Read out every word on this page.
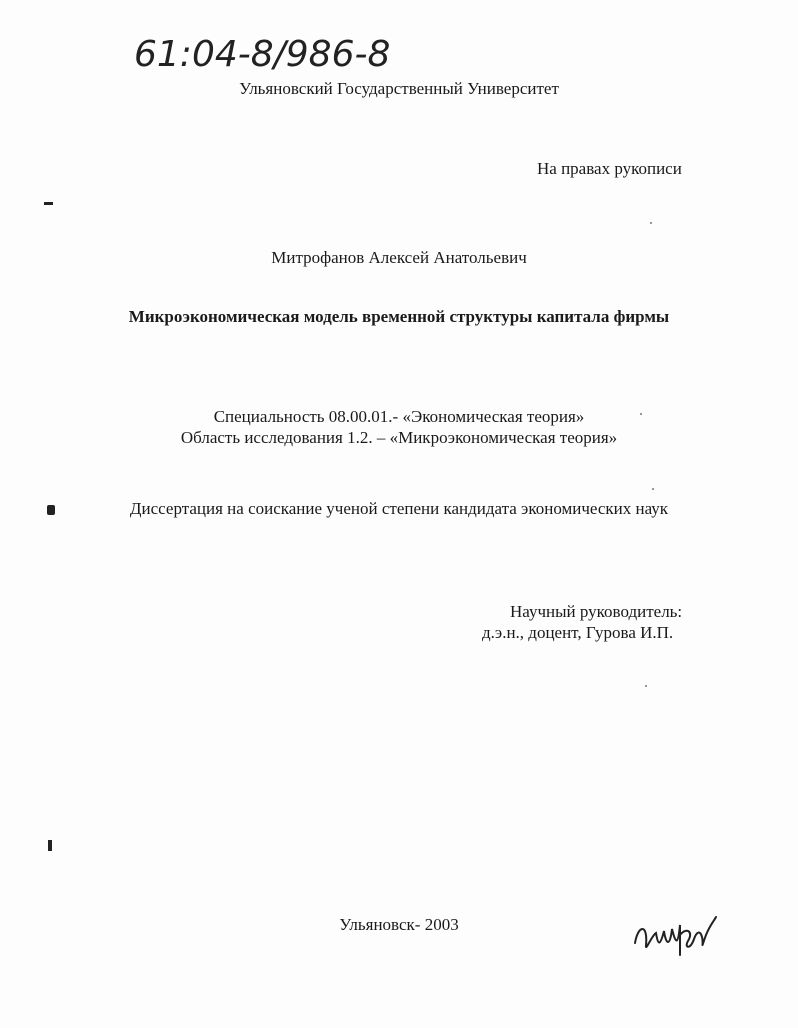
61:04-8/986-8
Ульяновский Государственный Университет
На правах рукописи
Митрофанов Алексей Анатольевич
Микроэкономическая модель временной структуры капитала фирмы
Специальность 08.00.01.- «Экономическая теория»
Область исследования 1.2. – «Микроэкономическая теория»
Диссертация на соискание ученой степени кандидата экономических наук
Научный руководитель:
д.э.н., доцент, Гурова И.П.
Ульяновск- 2003
